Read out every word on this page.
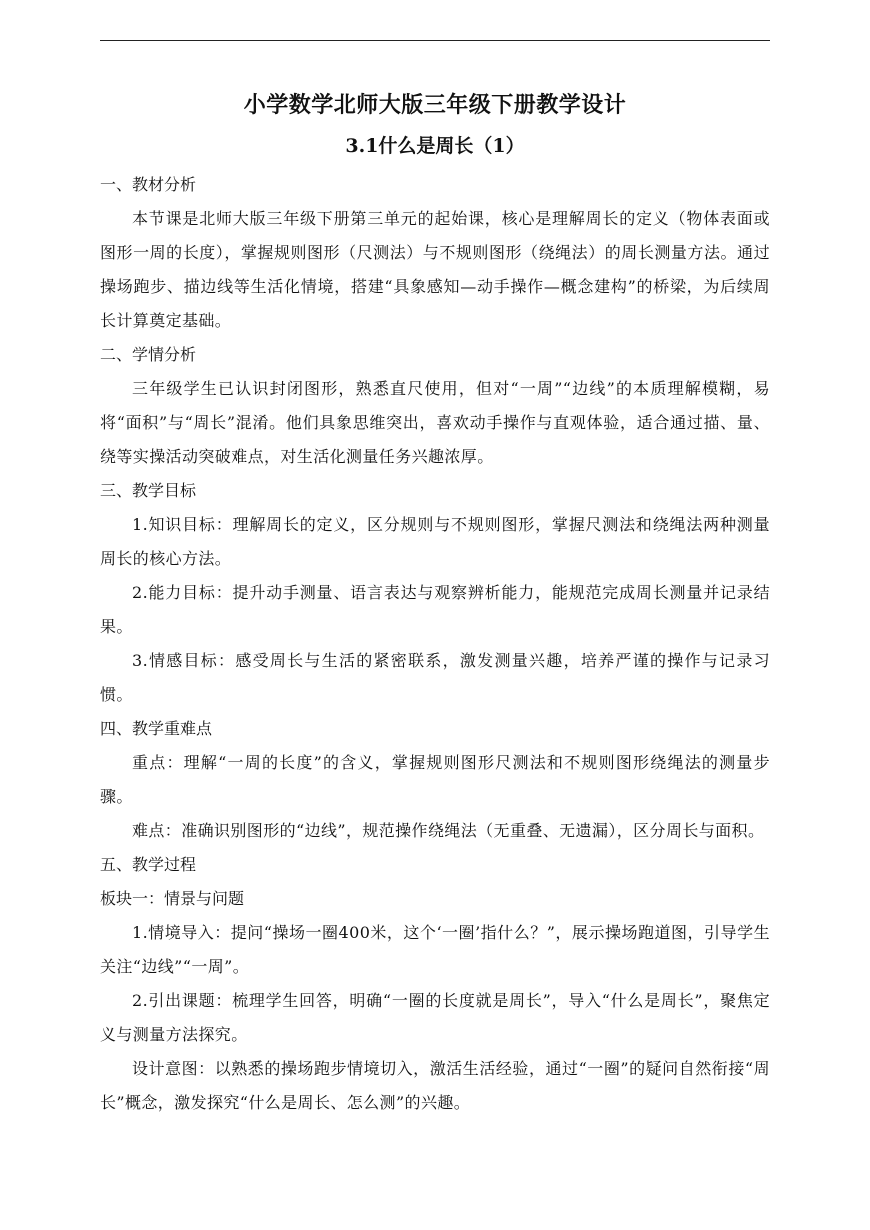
小学数学北师大版三年级下册教学设计
3.1什么是周长（1）

一、教材分析

本节课是北师大版三年级下册第三单元的起始课，核心是理解周长的定义（物体表面或图形一周的长度），掌握规则图形（尺测法）与不规则图形（绕绳法）的周长测量方法。通过操场跑步、描边线等生活化情境，搭建“具象感知—动手操作—概念建构”的桥梁，为后续周长计算奠定基础。

二、学情分析

三年级学生已认识封闭图形，熟悉直尺使用，但对“一周”“边线”的本质理解模糊，易将“面积”与“周长”混淆。他们具象思维突出，喜欢动手操作与直观体验，适合通过描、量、绕等实操活动突破难点，对生活化测量任务兴趣浓厚。

三、教学目标

1.知识目标：理解周长的定义，区分规则与不规则图形，掌握尺测法和绕绳法两种测量周长的核心方法。

2.能力目标：提升动手测量、语言表达与观察辨析能力，能规范完成周长测量并记录结果。

3.情感目标：感受周长与生活的紧密联系，激发测量兴趣，培养严谨的操作与记录习惯。

四、教学重难点

重点：理解“一周的长度”的含义，掌握规则图形尺测法和不规则图形绕绳法的测量步骤。

难点：准确识别图形的“边线”，规范操作绕绳法（无重叠、无遗漏），区分周长与面积。

五、教学过程

板块一：情景与问题

1.情境导入：提问“操场一圈400米，这个‘一圈’指什么？”，展示操场跑道图，引导学生关注“边线”“一周”。

2.引出课题：梳理学生回答，明确“一圈的长度就是周长”，导入“什么是周长”，聚焦定义与测量方法探究。

设计意图：以熟悉的操场跑步情境切入，激活生活经验，通过“一圈”的疑问自然衔接“周长”概念，激发探究“什么是周长、怎么测”的兴趣。
